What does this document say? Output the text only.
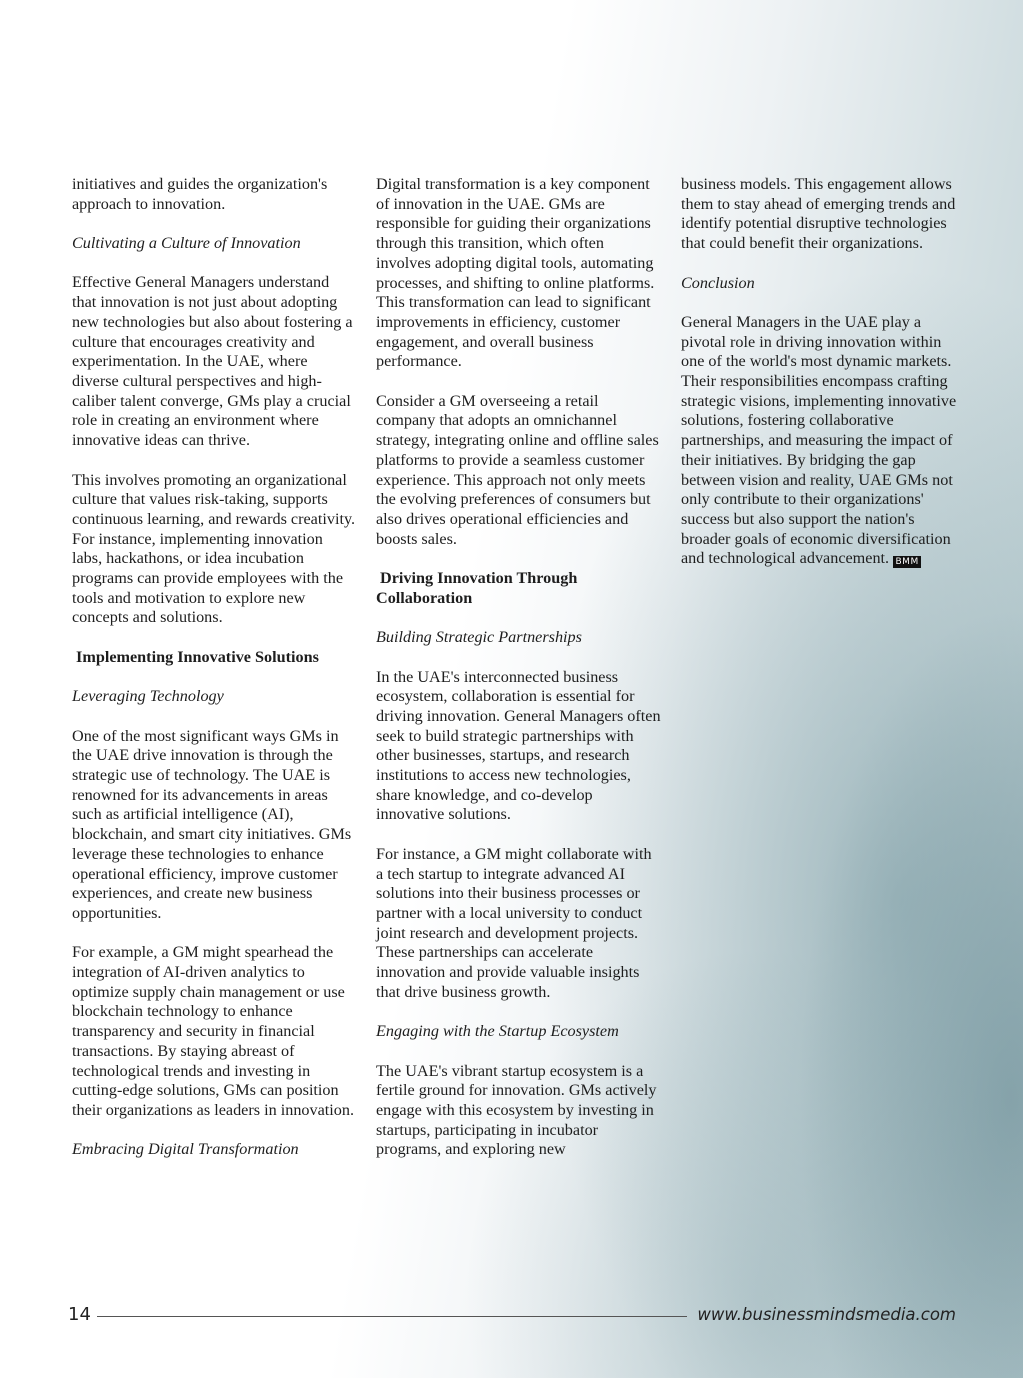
initiatives and guides the organization's approach to innovation.

Cultivating a Culture of Innovation

Effective General Managers understand that innovation is not just about adopting new technologies but also about fostering a culture that encourages creativity and experimentation. In the UAE, where diverse cultural perspectives and high-caliber talent converge, GMs play a crucial role in creating an environment where innovative ideas can thrive.

This involves promoting an organizational culture that values risk-taking, supports continuous learning, and rewards creativity. For instance, implementing innovation labs, hackathons, or idea incubation programs can provide employees with the tools and motivation to explore new concepts and solutions.

Implementing Innovative Solutions

Leveraging Technology

One of the most significant ways GMs in the UAE drive innovation is through the strategic use of technology. The UAE is renowned for its advancements in areas such as artificial intelligence (AI), blockchain, and smart city initiatives. GMs leverage these technologies to enhance operational efficiency, improve customer experiences, and create new business opportunities.

For example, a GM might spearhead the integration of AI-driven analytics to optimize supply chain management or use blockchain technology to enhance transparency and security in financial transactions. By staying abreast of technological trends and investing in cutting-edge solutions, GMs can position their organizations as leaders in innovation.

Embracing Digital Transformation

Digital transformation is a key component of innovation in the UAE. GMs are responsible for guiding their organizations through this transition, which often involves adopting digital tools, automating processes, and shifting to online platforms. This transformation can lead to significant improvements in efficiency, customer engagement, and overall business performance.

Consider a GM overseeing a retail company that adopts an omnichannel strategy, integrating online and offline sales platforms to provide a seamless customer experience. This approach not only meets the evolving preferences of consumers but also drives operational efficiencies and boosts sales.

Driving Innovation Through Collaboration

Building Strategic Partnerships

In the UAE's interconnected business ecosystem, collaboration is essential for driving innovation. General Managers often seek to build strategic partnerships with other businesses, startups, and research institutions to access new technologies, share knowledge, and co-develop innovative solutions.

For instance, a GM might collaborate with a tech startup to integrate advanced AI solutions into their business processes or partner with a local university to conduct joint research and development projects. These partnerships can accelerate innovation and provide valuable insights that drive business growth.

Engaging with the Startup Ecosystem

The UAE's vibrant startup ecosystem is a fertile ground for innovation. GMs actively engage with this ecosystem by investing in startups, participating in incubator programs, and exploring new

business models. This engagement allows them to stay ahead of emerging trends and identify potential disruptive technologies that could benefit their organizations.

Conclusion

General Managers in the UAE play a pivotal role in driving innovation within one of the world's most dynamic markets. Their responsibilities encompass crafting strategic visions, implementing innovative solutions, fostering collaborative partnerships, and measuring the impact of their initiatives. By bridging the gap between vision and reality, UAE GMs not only contribute to their organizations' success but also support the nation's broader goals of economic diversification and technological advancement. BMM

14	www.businessmindsmedia.com
